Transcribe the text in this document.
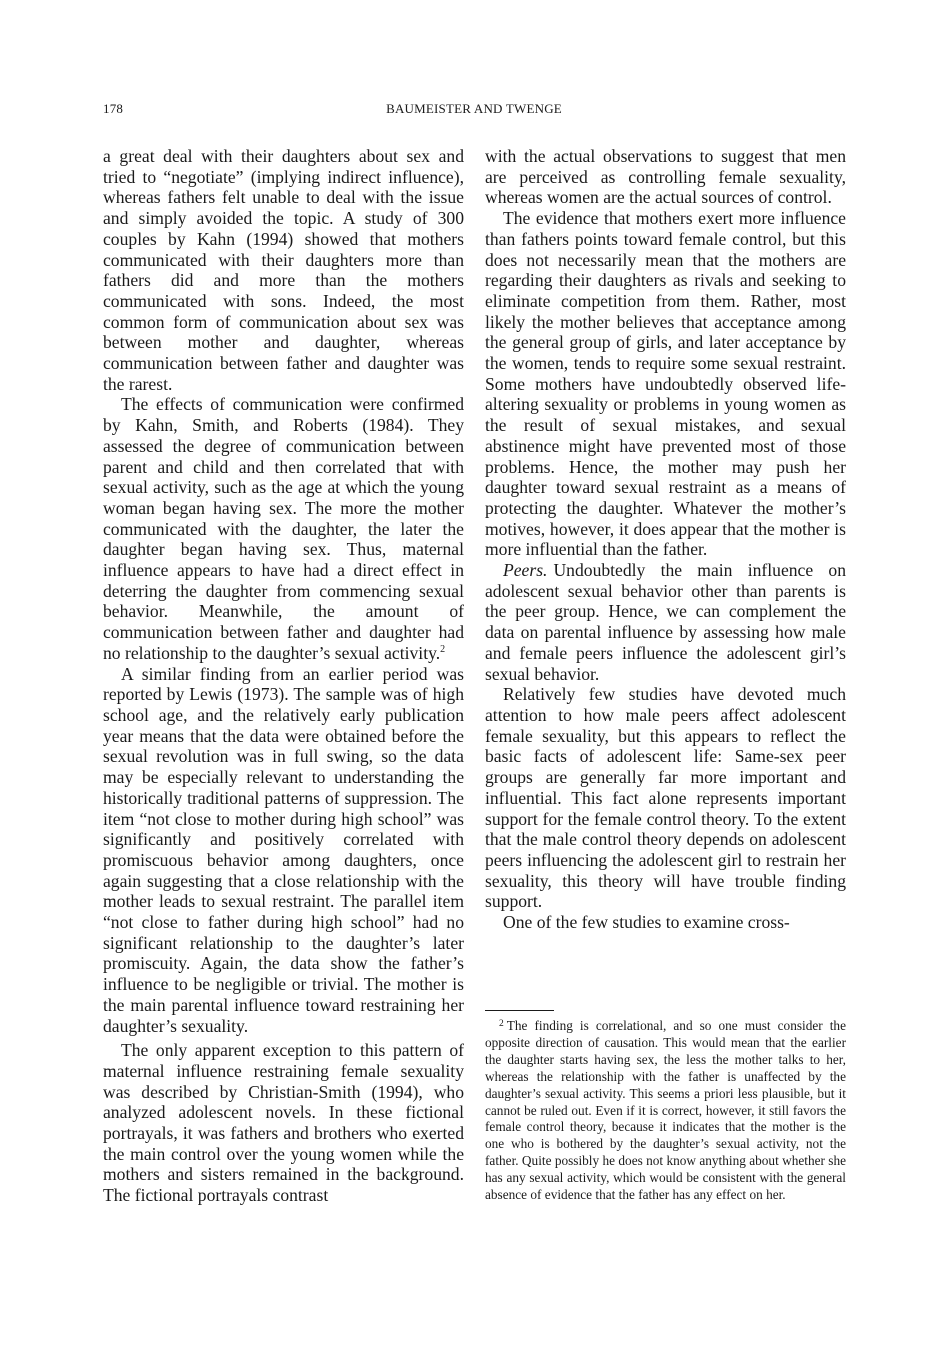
178	BAUMEISTER AND TWENGE

a great deal with their daughters about sex and tried to “negotiate” (implying indirect influence), whereas fathers felt unable to deal with the issue and simply avoided the topic. A study of 300 couples by Kahn (1994) showed that mothers communicated with their daughters more than fathers did and more than the mothers communicated with sons. Indeed, the most common form of communication about sex was between mother and daughter, whereas communication between father and daughter was the rarest.

The effects of communication were confirmed by Kahn, Smith, and Roberts (1984). They assessed the degree of communication between parent and child and then correlated that with sexual activity, such as the age at which the young woman began having sex. The more the mother communicated with the daughter, the later the daughter began having sex. Thus, maternal influence appears to have had a direct effect in deterring the daughter from commencing sexual behavior. Meanwhile, the amount of communication between father and daughter had no relationship to the daughter’s sexual activity.$^2$

A similar finding from an earlier period was reported by Lewis (1973). The sample was of high school age, and the relatively early publication year means that the data were obtained before the sexual revolution was in full swing, so the data may be especially relevant to understanding the historically traditional patterns of suppression. The item “not close to mother during high school” was significantly and positively correlated with promiscuous behavior among daughters, once again suggesting that a close relationship with the mother leads to sexual restraint. The parallel item “not close to father during high school” had no significant relationship to the daughter’s later promiscuity. Again, the data show the father’s influence to be negligible or trivial. The mother is the main parental influence toward restraining her daughter’s sexuality.

The only apparent exception to this pattern of maternal influence restraining female sexuality was described by Christian-Smith (1994), who analyzed adolescent novels. In these fictional portrayals, it was fathers and brothers who exerted the main control over the young women while the mothers and sisters remained in the background. The fictional portrayals contrast

with the actual observations to suggest that men are perceived as controlling female sexuality, whereas women are the actual sources of control.

The evidence that mothers exert more influence than fathers points toward female control, but this does not necessarily mean that the mothers are regarding their daughters as rivals and seeking to eliminate competition from them. Rather, most likely the mother believes that acceptance among the general group of girls, and later acceptance by the women, tends to require some sexual restraint. Some mothers have undoubtedly observed life-altering sexuality or problems in young women as the result of sexual mistakes, and sexual abstinence might have prevented most of those problems. Hence, the mother may push her daughter toward sexual restraint as a means of protecting the daughter. Whatever the mother’s motives, however, it does appear that the mother is more influential than the father.

Peers. Undoubtedly the main influence on adolescent sexual behavior other than parents is the peer group. Hence, we can complement the data on parental influence by assessing how male and female peers influence the adolescent girl’s sexual behavior.

Relatively few studies have devoted much attention to how male peers affect adolescent female sexuality, but this appears to reflect the basic facts of adolescent life: Same-sex peer groups are generally far more important and influential. This fact alone represents important support for the female control theory. To the extent that the male control theory depends on adolescent peers influencing the adolescent girl to restrain her sexuality, this theory will have trouble finding support.

One of the few studies to examine cross-

$^2$ The finding is correlational, and so one must consider the opposite direction of causation. This would mean that the earlier the daughter starts having sex, the less the mother talks to her, whereas the relationship with the father is unaffected by the daughter’s sexual activity. This seems a priori less plausible, but it cannot be ruled out. Even if it is correct, however, it still favors the female control theory, because it indicates that the mother is the one who is bothered by the daughter’s sexual activity, not the father. Quite possibly he does not know anything about whether she has any sexual activity, which would be consistent with the general absence of evidence that the father has any effect on her.
